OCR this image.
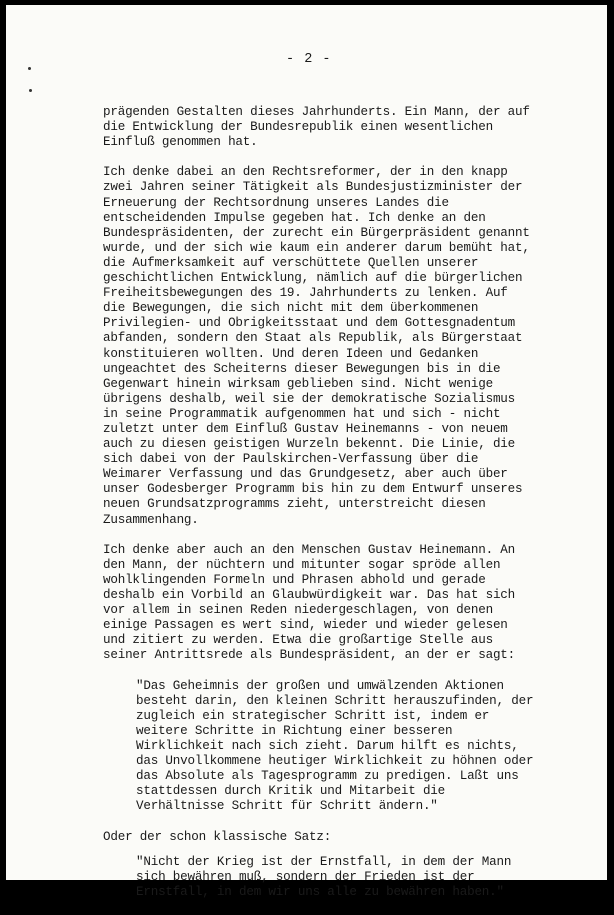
- 2 -

prägenden Gestalten dieses Jahrhunderts. Ein Mann, der auf
die Entwicklung der Bundesrepublik einen wesentlichen
Einfluß genommen hat.

Ich denke dabei an den Rechtsreformer, der in den knapp
zwei Jahren seiner Tätigkeit als Bundesjustizminister der
Erneuerung der Rechtsordnung unseres Landes die
entscheidenden Impulse gegeben hat. Ich denke an den
Bundespräsidenten, der zurecht ein Bürgerpräsident genannt
wurde, und der sich wie kaum ein anderer darum bemüht hat,
die Aufmerksamkeit auf verschüttete Quellen unserer
geschichtlichen Entwicklung, nämlich auf die bürgerlichen
Freiheitsbewegungen des 19. Jahrhunderts zu lenken. Auf
die Bewegungen, die sich nicht mit dem überkommenen
Privilegien- und Obrigkeitsstaat und dem Gottesgnadentum
abfanden, sondern den Staat als Republik, als Bürgerstaat
konstituieren wollten. Und deren Ideen und Gedanken
ungeachtet des Scheiterns dieser Bewegungen bis in die
Gegenwart hinein wirksam geblieben sind. Nicht wenige
übrigens deshalb, weil sie der demokratische Sozialismus
in seine Programmatik aufgenommen hat und sich - nicht
zuletzt unter dem Einfluß Gustav Heinemanns - von neuem
auch zu diesen geistigen Wurzeln bekennt. Die Linie, die
sich dabei von der Paulskirchen-Verfassung über die
Weimarer Verfassung und das Grundgesetz, aber auch über
unser Godesberger Programm bis hin zu dem Entwurf unseres
neuen Grundsatzprogramms zieht, unterstreicht diesen
Zusammenhang.

Ich denke aber auch an den Menschen Gustav Heinemann. An
den Mann, der nüchtern und mitunter sogar spröde allen
wohlklingenden Formeln und Phrasen abhold und gerade
deshalb ein Vorbild an Glaubwürdigkeit war. Das hat sich
vor allem in seinen Reden niedergeschlagen, von denen
einige Passagen es wert sind, wieder und wieder gelesen
und zitiert zu werden. Etwa die großartige Stelle aus
seiner Antrittsrede als Bundespräsident, an der er sagt:

"Das Geheimnis der großen und umwälzenden Aktionen
besteht darin, den kleinen Schritt herauszufinden, der
zugleich ein strategischer Schritt ist, indem er
weitere Schritte in Richtung einer besseren
Wirklichkeit nach sich zieht. Darum hilft es nichts,
das Unvollkommene heutiger Wirklichkeit zu höhnen oder
das Absolute als Tagesprogramm zu predigen. Laßt uns
stattdessen durch Kritik und Mitarbeit die
Verhältnisse Schritt für Schritt ändern."

Oder der schon klassische Satz:

"Nicht der Krieg ist der Ernstfall, in dem der Mann
sich bewähren muß, sondern der Frieden ist der
Ernstfall, in dem wir uns alle zu bewähren haben."
